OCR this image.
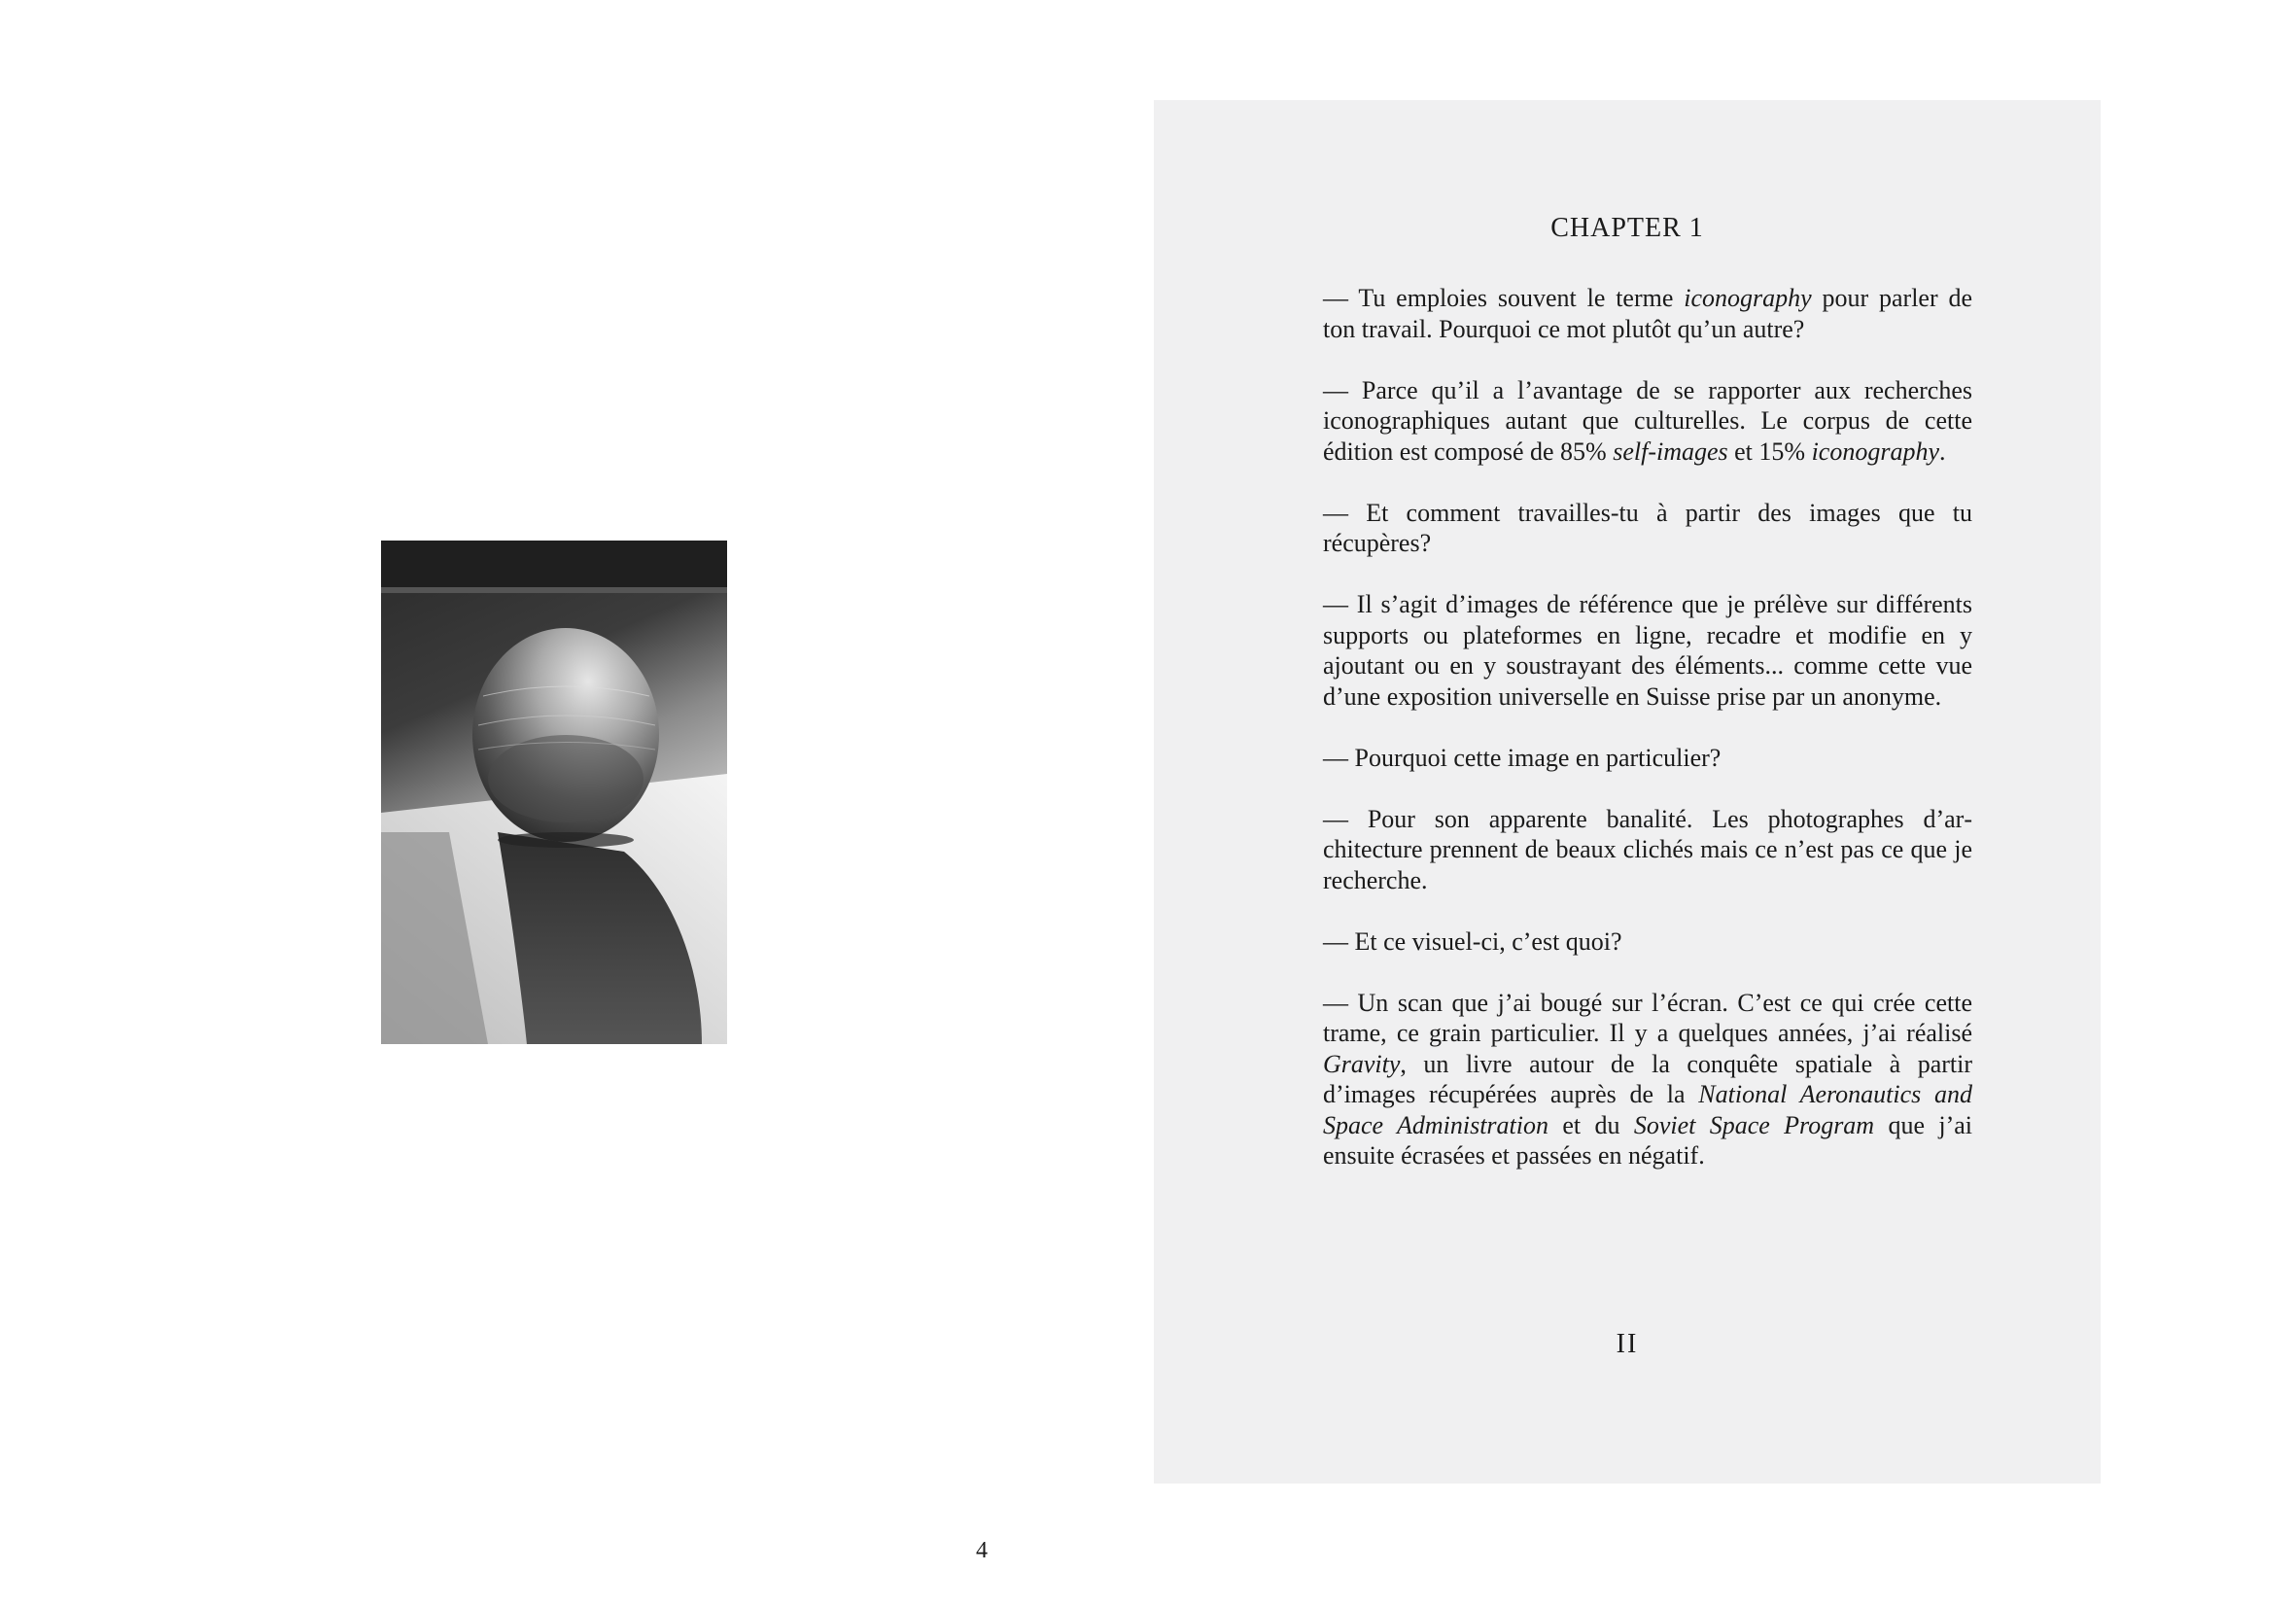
CHAPTER 1

— Tu emploies souvent le terme iconography pour parler de ton travail. Pourquoi ce mot plutôt qu’un autre?

— Parce qu’il a l’avantage de se rapporter aux recherches iconographiques autant que culturelles. Le corpus de cette édition est composé de 85% self-images et 15% iconography.

— Et comment travailles-tu à partir des images que tu récupères?

— Il s’agit d’images de référence que je prélève sur différents supports ou plateformes en ligne, recadre et modifie en y ajoutant ou en y soustrayant des éléments... comme cette vue d’une exposition universelle en Suisse prise par un anonyme.

— Pourquoi cette image en particulier?

— Pour son apparente banalité. Les photographes d’architecture prennent de beaux clichés mais ce n’est pas ce que je recherche.

— Et ce visuel-ci, c’est quoi?

— Un scan que j’ai bougé sur l’écran. C’est ce qui crée cette trame, ce grain particulier. Il y a quelques années, j’ai réalisé Gravity, un livre autour de la conquête spatiale à partir d’images récupérées auprès de la National Aeronautics and Space Administration et du Soviet Space Program que j’ai ensuite écrasées et passées en négatif.

II
4
